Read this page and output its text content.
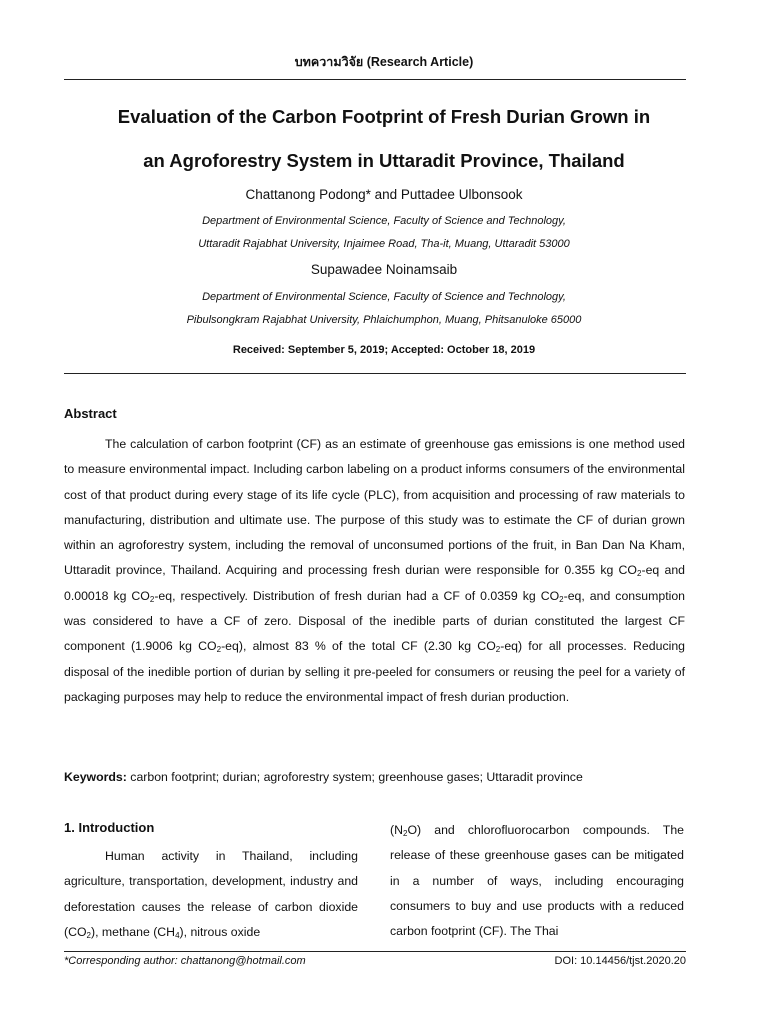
บทความวิจัย (Research Article)
Evaluation of the Carbon Footprint of Fresh Durian Grown in
an Agroforestry System in Uttaradit Province, Thailand
Chattanong Podong* and Puttadee Ulbonsook
Department of Environmental Science, Faculty of Science and Technology,
Uttaradit Rajabhat University, Injaimee Road, Tha-it, Muang, Uttaradit 53000
Supawadee Noinamsaib
Department of Environmental Science, Faculty of Science and Technology,
Pibulsongkram Rajabhat University, Phlaichumphon, Muang, Phitsanuloke 65000
Received: September 5, 2019; Accepted: October 18, 2019
Abstract

The calculation of carbon footprint (CF) as an estimate of greenhouse gas emissions is one method used to measure environmental impact. Including carbon labeling on a product informs consumers of the environmental cost of that product during every stage of its life cycle (PLC), from acquisition and processing of raw materials to manufacturing, distribution and ultimate use. The purpose of this study was to estimate the CF of durian grown within an agroforestry system, including the removal of unconsumed portions of the fruit, in Ban Dan Na Kham, Uttaradit province, Thailand. Acquiring and processing fresh durian were responsible for 0.355 kg $CO_2-eq$ and 0.00018 kg $CO_2-eq$, respectively. Distribution of fresh durian had a CF of 0.0359 kg $CO_2-eq$, and consumption was considered to have a CF of zero. Disposal of the inedible parts of durian constituted the largest CF component (1.9006 kg $CO_2-eq$), almost 83 % of the total CF (2.30 kg $CO_2-eq$) for all processes. Reducing disposal of the inedible portion of durian by selling it pre-peeled for consumers or reusing the peel for a variety of packaging purposes may help to reduce the environmental impact of fresh durian production.

Keywords: carbon footprint; durian; agroforestry system; greenhouse gases; Uttaradit province
1. Introduction

Human activity in Thailand, including agriculture, transportation, development, industry and deforestation causes the release of carbon dioxide $(CO_2)$, methane $(CH_4)$, nitrous oxide

$(N_2O)$ and chlorofluorocarbon compounds. The release of these greenhouse gases can be mitigated in a number of ways, including encouraging consumers to buy and use products with a reduced carbon footprint (CF). The Thai

*Corresponding author: chattanong@hotmail.com	DOI: 10.14456/tjst.2020.20
